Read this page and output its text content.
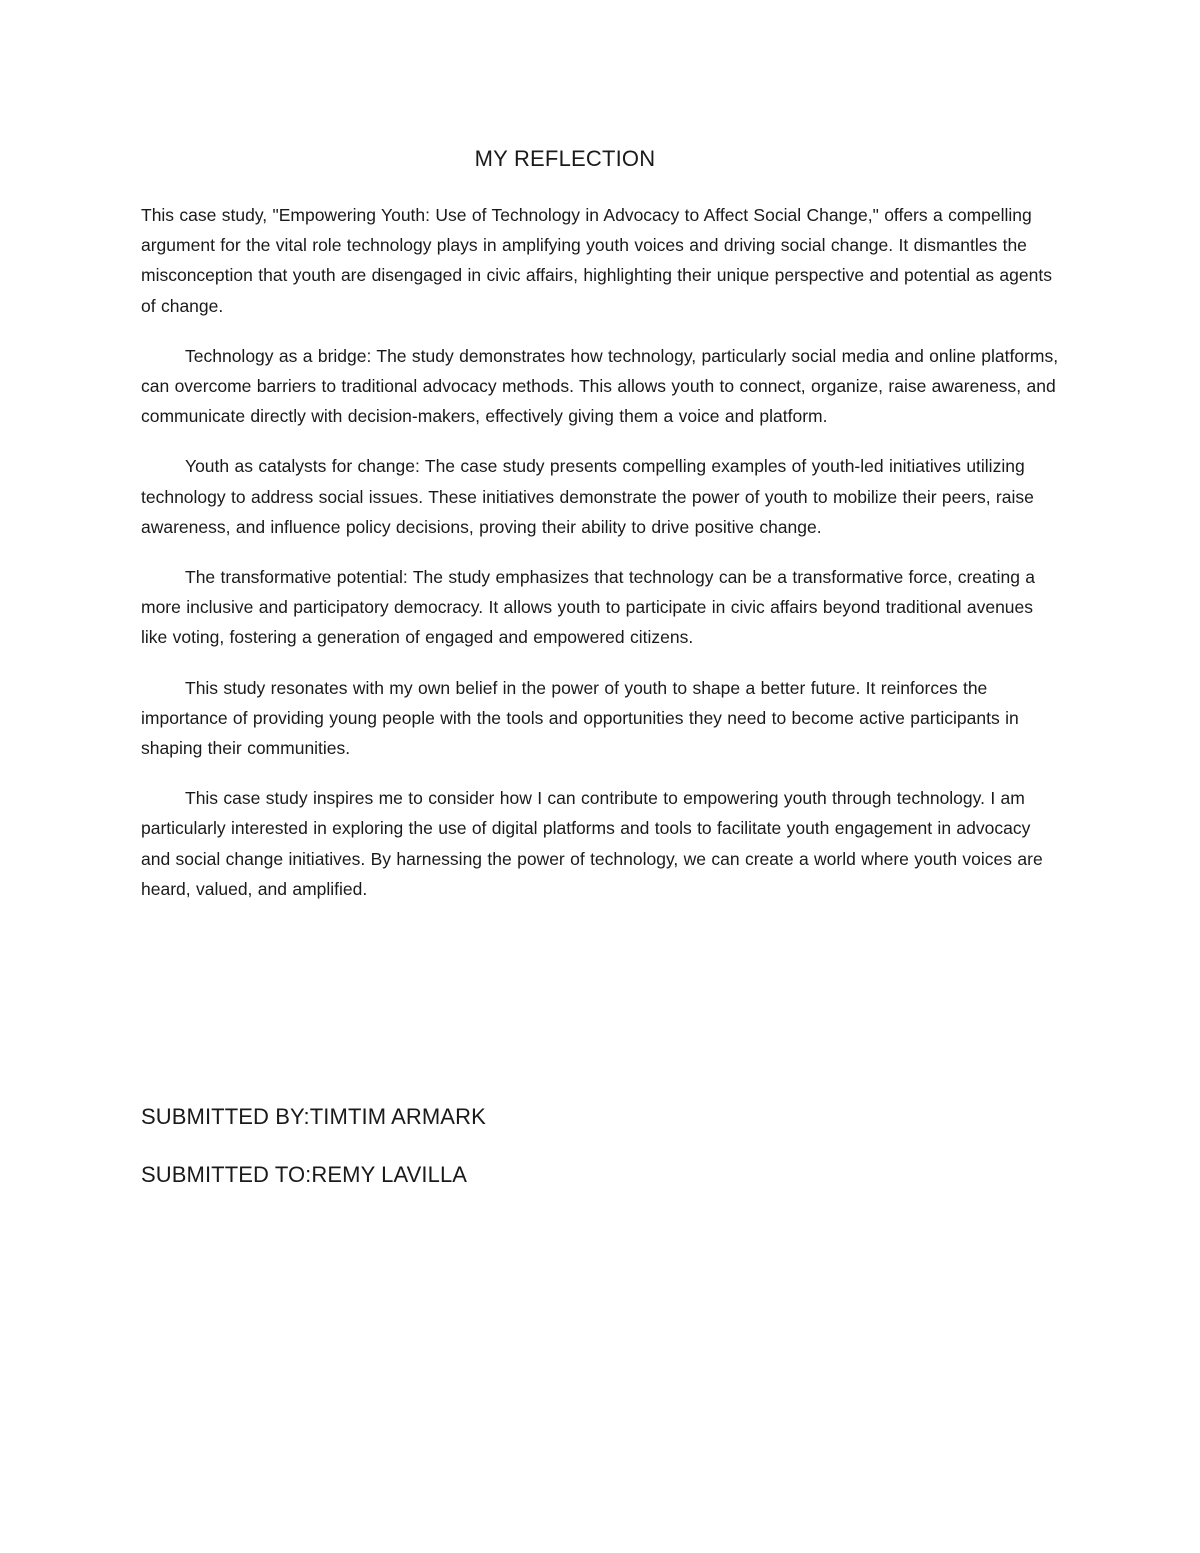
MY REFLECTION

This case study, "Empowering Youth: Use of Technology in Advocacy to Affect Social Change," offers a compelling argument for the vital role technology plays in amplifying youth voices and driving social change. It dismantles the misconception that youth are disengaged in civic affairs, highlighting their unique perspective and potential as agents of change.

Technology as a bridge: The study demonstrates how technology, particularly social media and online platforms, can overcome barriers to traditional advocacy methods. This allows youth to connect, organize, raise awareness, and communicate directly with decision-makers, effectively giving them a voice and platform.

Youth as catalysts for change: The case study presents compelling examples of youth-led initiatives utilizing technology to address social issues. These initiatives demonstrate the power of youth to mobilize their peers, raise awareness, and influence policy decisions, proving their ability to drive positive change.

The transformative potential: The study emphasizes that technology can be a transformative force, creating a more inclusive and participatory democracy. It allows youth to participate in civic affairs beyond traditional avenues like voting, fostering a generation of engaged and empowered citizens.

This study resonates with my own belief in the power of youth to shape a better future. It reinforces the importance of providing young people with the tools and opportunities they need to become active participants in shaping their communities.

This case study inspires me to consider how I can contribute to empowering youth through technology. I am particularly interested in exploring the use of digital platforms and tools to facilitate youth engagement in advocacy and social change initiatives. By harnessing the power of technology, we can create a world where youth voices are heard, valued, and amplified.

SUBMITTED BY:TIMTIM ARMARK
SUBMITTED TO:REMY LAVILLA
